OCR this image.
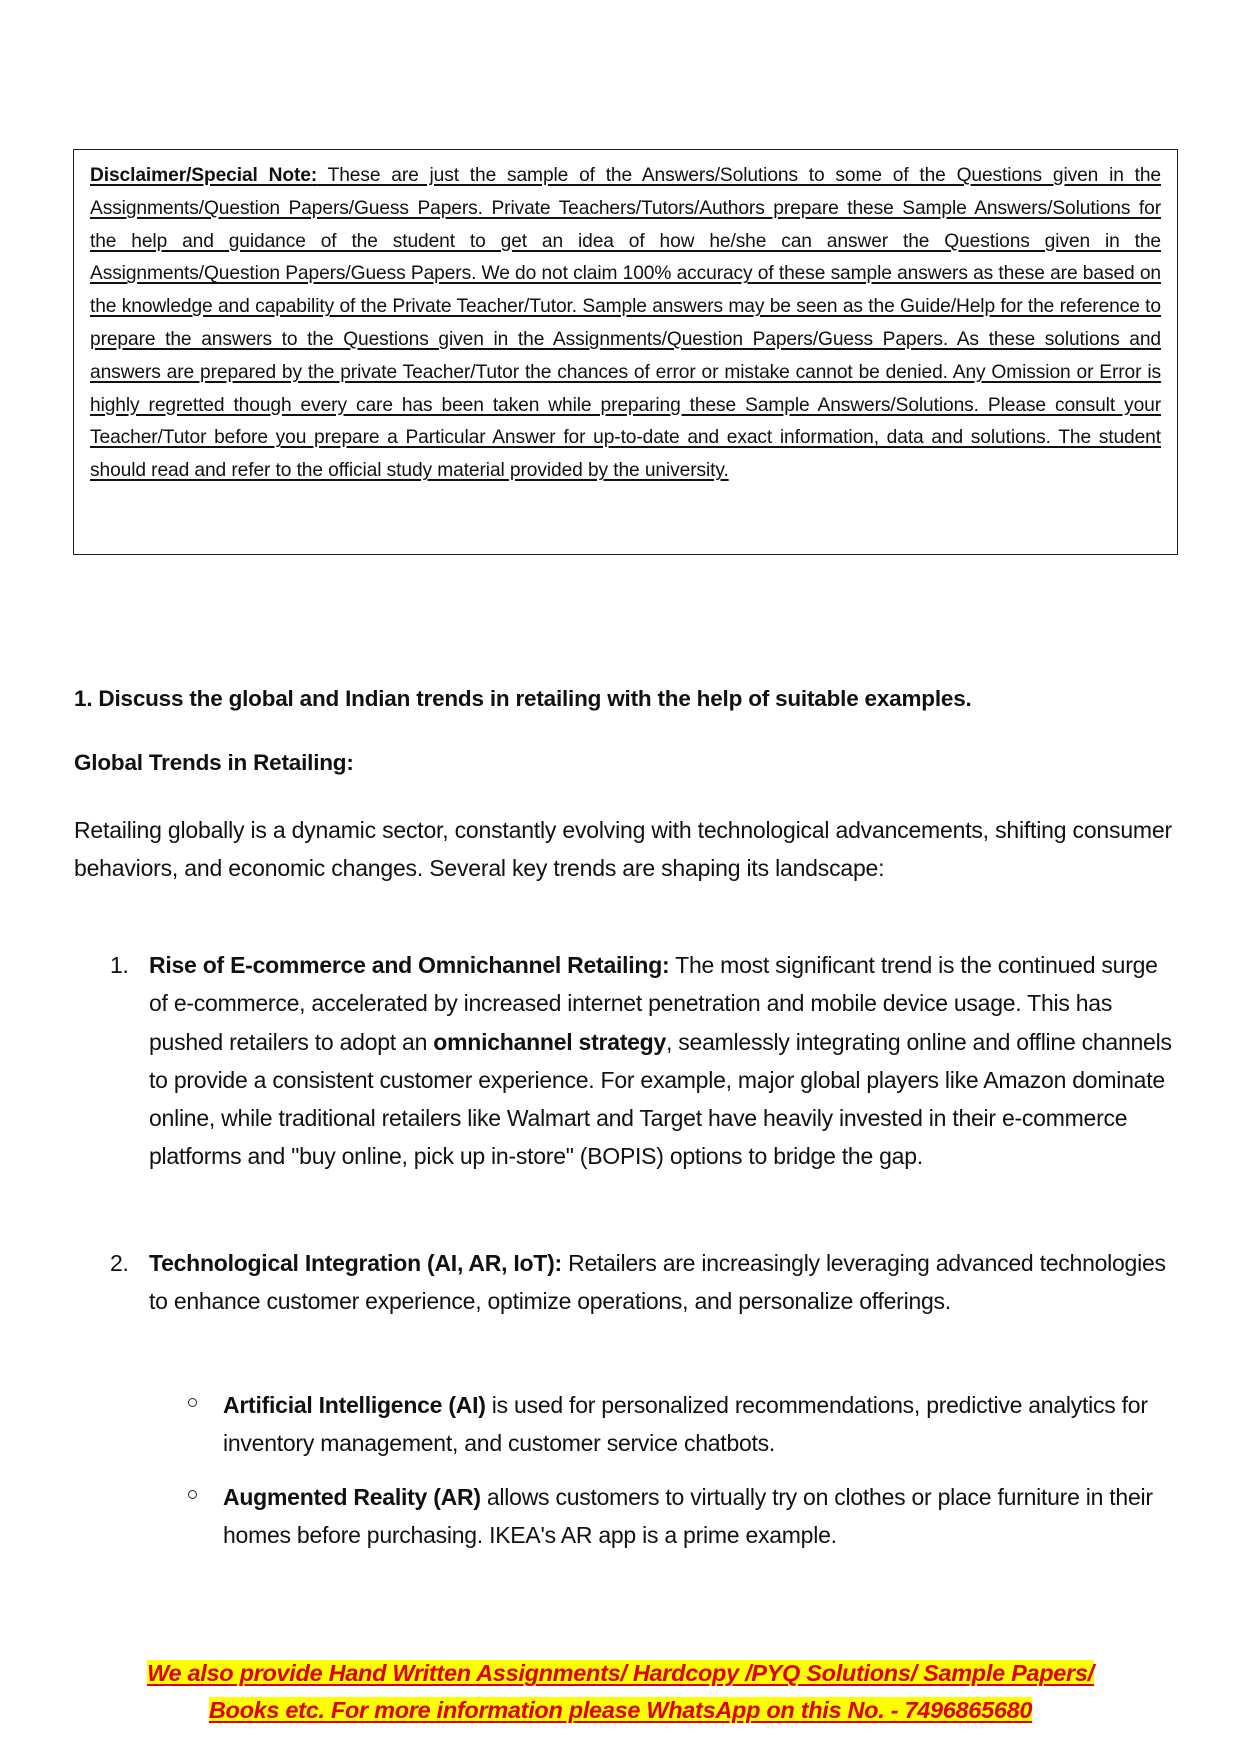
Disclaimer/Special Note: These are just the sample of the Answers/Solutions to some of the Questions given in the Assignments/Question Papers/Guess Papers. Private Teachers/Tutors/Authors prepare these Sample Answers/Solutions for the help and guidance of the student to get an idea of how he/she can answer the Questions given in the Assignments/Question Papers/Guess Papers. We do not claim 100% accuracy of these sample answers as these are based on the knowledge and capability of the Private Teacher/Tutor. Sample answers may be seen as the Guide/Help for the reference to prepare the answers to the Questions given in the Assignments/Question Papers/Guess Papers. As these solutions and answers are prepared by the private Teacher/Tutor the chances of error or mistake cannot be denied. Any Omission or Error is highly regretted though every care has been taken while preparing these Sample Answers/Solutions. Please consult your Teacher/Tutor before you prepare a Particular Answer for up-to-date and exact information, data and solutions. The student should read and refer to the official study material provided by the university.

1. Discuss the global and Indian trends in retailing with the help of suitable examples.
Global Trends in Retailing:

Retailing globally is a dynamic sector, constantly evolving with technological advancements, shifting consumer behaviors, and economic changes. Several key trends are shaping its landscape:

1. Rise of E-commerce and Omnichannel Retailing: The most significant trend is the continued surge of e-commerce, accelerated by increased internet penetration and mobile device usage. This has pushed retailers to adopt an omnichannel strategy, seamlessly integrating online and offline channels to provide a consistent customer experience. For example, major global players like Amazon dominate online, while traditional retailers like Walmart and Target have heavily invested in their e-commerce platforms and "buy online, pick up in-store" (BOPIS) options to bridge the gap.
2. Technological Integration (AI, AR, IoT): Retailers are increasingly leveraging advanced technologies to enhance customer experience, optimize operations, and personalize offerings.
Artificial Intelligence (AI) is used for personalized recommendations, predictive analytics for inventory management, and customer service chatbots.
Augmented Reality (AR) allows customers to virtually try on clothes or place furniture in their homes before purchasing. IKEA's AR app is a prime example.
We also provide Hand Written Assignments/ Hardcopy /PYQ Solutions/ Sample Papers/
Books etc. For more information please WhatsApp on this No. - 7496865680
